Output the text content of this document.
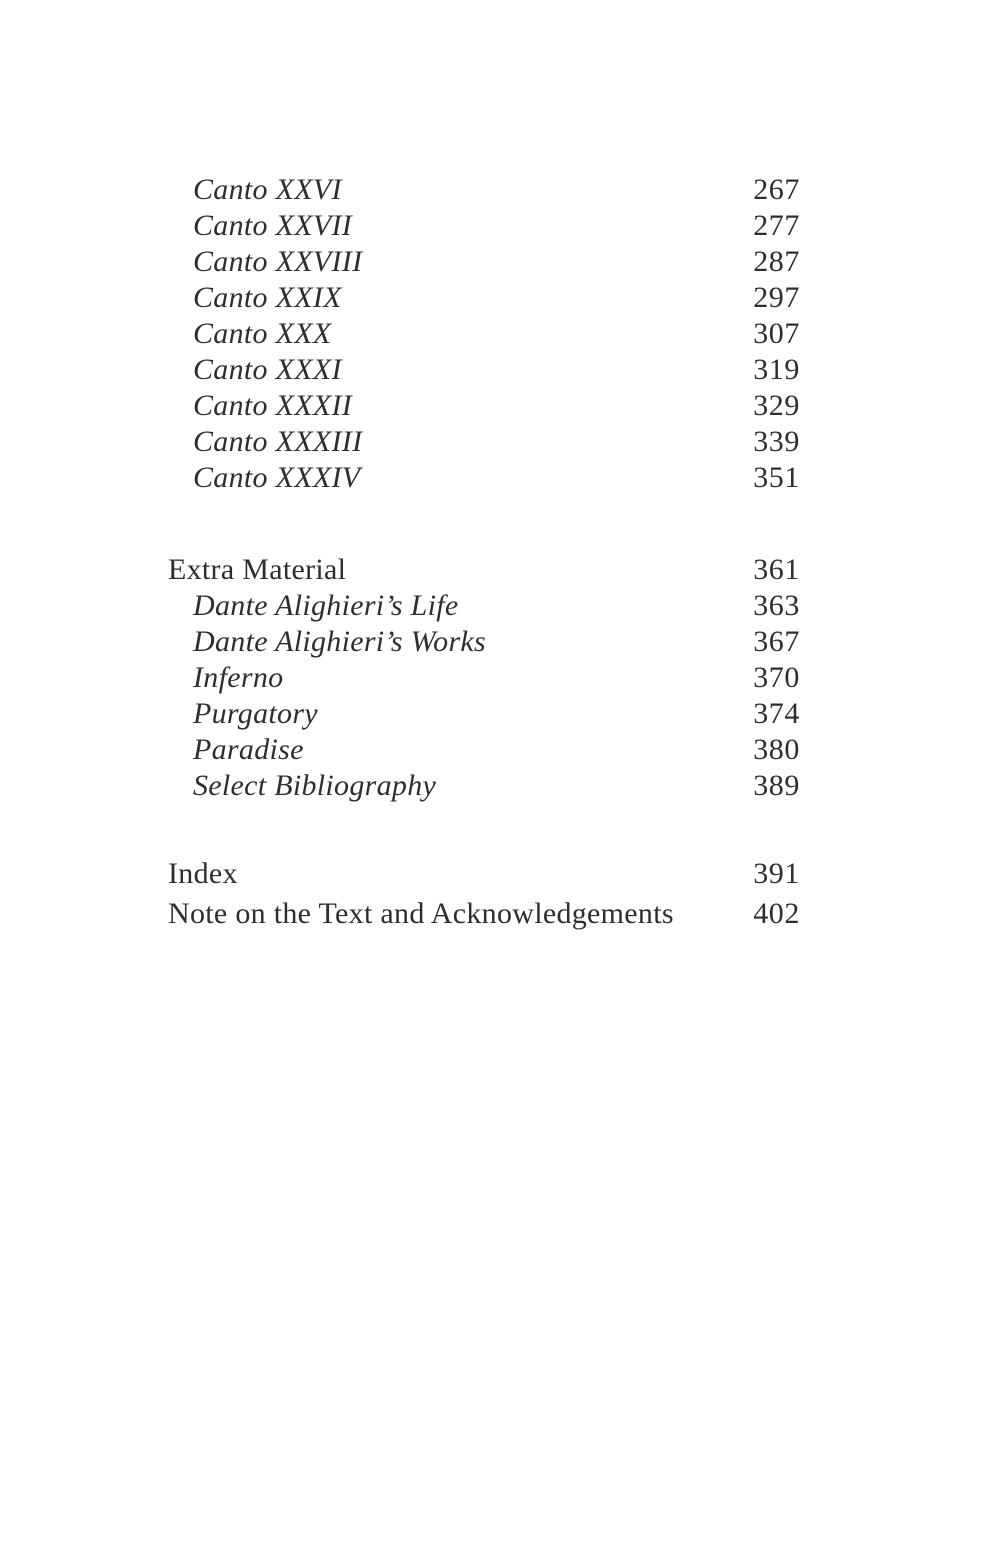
Canto XXVI	267
Canto XXVII	277
Canto XXVIII	287
Canto XXIX	297
Canto XXX	307
Canto XXXI	319
Canto XXXII	329
Canto XXXIII	339
Canto XXXIV	351
Extra Material	361
Dante Alighieri’s Life	363
Dante Alighieri’s Works	367
Inferno	370
Purgatory	374
Paradise	380
Select Bibliography	389
Index	391
Note on the Text and Acknowledgements	402
